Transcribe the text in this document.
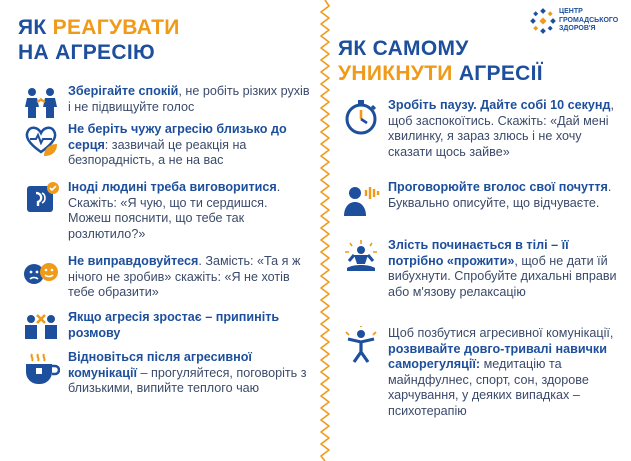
ЯК РЕАГУВАТИ
НА АГРЕСІЮ	ЯК САМОМУ
УНИКНУТИ АГРЕСІЇ
ЦЕНТР
ГРОМАДСЬКОГО
ЗДОРОВ'Я
Зберігайте спокій, не робіть різких рухів і не підвищуйте голос
Не беріть чужу агресію близько до серця: зазвичай це реакція на безпорадність, а не на вас
Іноді людині треба виговоритися. Скажіть: «Я чую, що ти сердишся. Можеш пояснити, що тебе так розлютило?»
Не виправдовуйтеся. Замість: «Та я ж нічого не зробив» скажіть: «Я не хотів тебе образити»
Якщо агресія зростає – припиніть розмову
Відновіться після агресивної комунікації – прогуляйтеся, поговоріть з близькими, випийте теплого чаю
Зробіть паузу. Дайте собі 10 секунд, щоб заспокоїтись. Скажіть: «Дай мені хвилинку, я зараз злюсь і не хочу сказати щось зайве»
Проговорюйте вголос свої почуття. Буквально описуйте, що відчуваєте.
Злість починається в тілі – її потрібно «прожити», щоб не дати їй вибухнути. Спробуйте дихальні вправи або м'язову релаксацію
Щоб позбутися агресивної комунікації, розвивайте довго-тривалі навички саморегуляції: медитацію та майндфулнес, спорт, сон, здорове харчування, у деяких випадках – психотерапію
